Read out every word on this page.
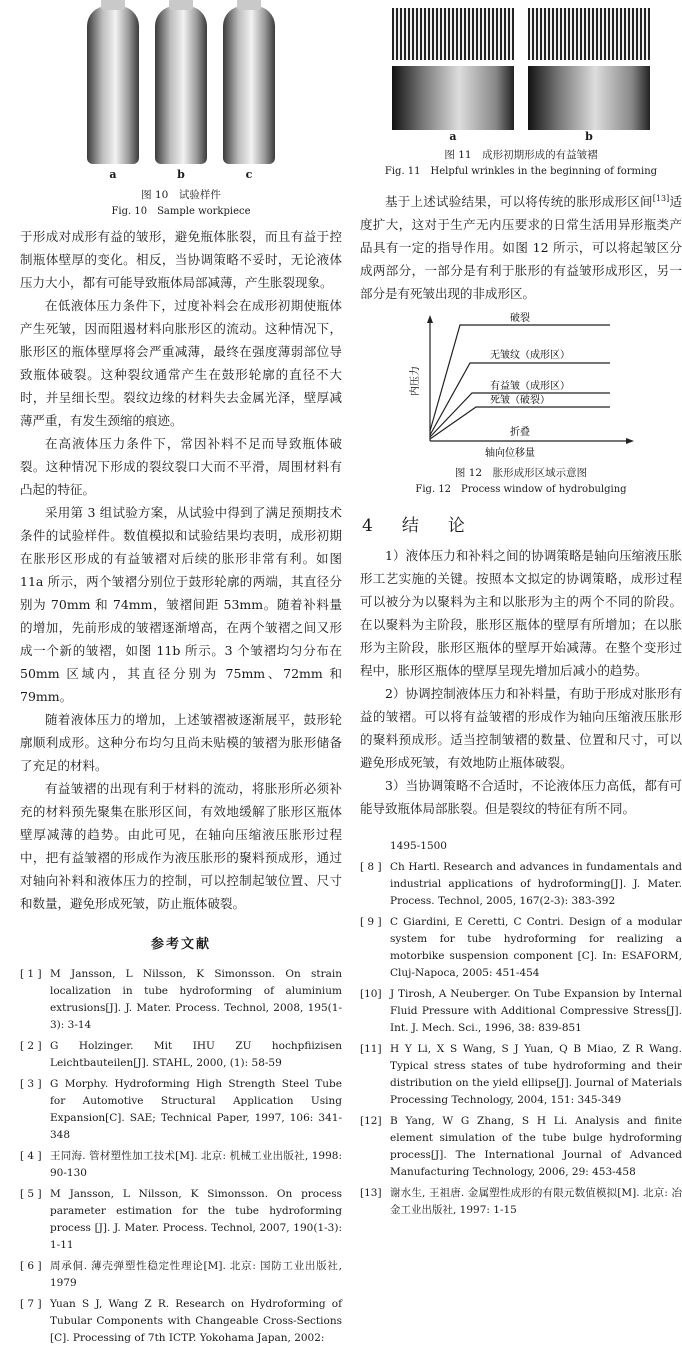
a	b	c
图 10　试验样件
Fig. 10　Sample workpiece

于形成对成形有益的皱形，避免瓶体胀裂，而且有益于控制瓶体壁厚的变化。相反，当协调策略不妥时，无论液体压力大小，都有可能导致瓶体局部减薄，产生胀裂现象。

在低液体压力条件下，过度补料会在成形初期使瓶体产生死皱，因而阻遏材料向胀形区的流动。这种情况下，胀形区的瓶体壁厚将会严重减薄，最终在强度薄弱部位导致瓶体破裂。这种裂纹通常产生在鼓形轮廓的直径不大时，并呈细长型。裂纹边缘的材料失去金属光泽，壁厚减薄严重，有发生颈缩的痕迹。

在高液体压力条件下，常因补料不足而导致瓶体破裂。这种情况下形成的裂纹裂口大而不平滑，周围材料有凸起的特征。

采用第 3 组试验方案，从试验中得到了满足预期技术条件的试验样件。数值模拟和试验结果均表明，成形初期在胀形区形成的有益皱褶对后续的胀形非常有利。如图 11a 所示，两个皱褶分别位于鼓形轮廓的两端，其直径分别为 70mm 和 74mm，皱褶间距 53mm。随着补料量的增加，先前形成的皱褶逐渐增高，在两个皱褶之间又形成一个新的皱褶，如图 11b 所示。3 个皱褶均匀分布在 50mm 区域内，其直径分别为 75mm、72mm 和 79mm。

随着液体压力的增加，上述皱褶被逐渐展平，鼓形轮廓顺利成形。这种分布均匀且尚未贴模的皱褶为胀形储备了充足的材料。

有益皱褶的出现有利于材料的流动，将胀形所必须补充的材料预先聚集在胀形区间，有效地缓解了胀形区瓶体壁厚减薄的趋势。由此可见，在轴向压缩液压胀形过程中，把有益皱褶的形成作为液压胀形的聚料预成形，通过对轴向补料和液体压力的控制，可以控制起皱位置、尺寸和数量，避免形成死皱，防止瓶体破裂。

参考文献
[ 1 ] M Jansson, L Nilsson, K Simonsson. On strain localization in tube hydroforming of aluminium extrusions[J]. J. Mater. Process. Technol, 2008, 195(1-3): 3-14
[ 2 ] G Holzinger. Mit IHU ZU hochpfiizisen Leichtbauteilen[J]. STAHL, 2000, (1): 58-59
[ 3 ] G Morphy. Hydroforming High Strength Steel Tube for Automotive Structural Application Using Expansion[C]. SAE; Technical Paper, 1997, 106: 341-348
[ 4 ] 王同海. 管材塑性加工技术[M]. 北京: 机械工业出版社, 1998: 90-130
[ 5 ] M Jansson, L Nilsson, K Simonsson. On process parameter estimation for the tube hydroforming process [J]. J. Mater. Process. Technol, 2007, 190(1-3): 1-11
[ 6 ] 周承侗. 薄壳弹塑性稳定性理论[M]. 北京: 国防工业出版社, 1979
[ 7 ] Yuan S J, Wang Z R. Research on Hydroforming of Tubular Components with Changeable Cross-Sections [C]. Processing of 7th ICTP. Yokohama Japan, 2002:
a	b
图 11　成形初期形成的有益皱褶
Fig. 11　Helpful wrinkles in the beginning of forming

基于上述试验结果，可以将传统的胀形成形区间[13]适度扩大，这对于生产无内压要求的日常生活用异形瓶类产品具有一定的指导作用。如图 12 所示，可以将起皱区分成两部分，一部分是有利于胀形的有益皱形成形区，另一部分是有死皱出现的非成形区。

破裂
无皱纹（成形区）
有益皱（成形区）
死皱（破裂）
折叠
内压力
轴向位移量
图 12　胀形成形区域示意图
Fig. 12　Process window of hydrobulging
4　结　论

1）液体压力和补料之间的协调策略是轴向压缩液压胀形工艺实施的关键。按照本文拟定的协调策略，成形过程可以被分为以聚料为主和以胀形为主的两个不同的阶段。在以聚料为主阶段，胀形区瓶体的壁厚有所增加；在以胀形为主阶段，胀形区瓶体的壁厚开始减薄。在整个变形过程中，胀形区瓶体的壁厚呈现先增加后减小的趋势。

2）协调控制液体压力和补料量，有助于形成对胀形有益的皱褶。可以将有益皱褶的形成作为轴向压缩液压胀形的聚料预成形。适当控制皱褶的数量、位置和尺寸，可以避免形成死皱，有效地防止瓶体破裂。

3）当协调策略不合适时，不论液体压力高低，都有可能导致瓶体局部胀裂。但是裂纹的特征有所不同。

1495-1500
[ 8 ] Ch Hartl. Research and advances in fundamentals and industrial applications of hydroforming[J]. J. Mater. Process. Technol, 2005, 167(2-3): 383-392
[ 9 ] C Giardini, E Ceretti, C Contri. Design of a modular system for tube hydroforming for realizing a motorbike suspension component [C]. In: ESAFORM, Cluj-Napoca, 2005: 451-454
[10] J Tirosh, A Neuberger. On Tube Expansion by Internal Fluid Pressure with Additional Compressive Stress[J]. Int. J. Mech. Sci., 1996, 38: 839-851
[11] H Y Li, X S Wang, S J Yuan, Q B Miao, Z R Wang. Typical stress states of tube hydroforming and their distribution on the yield ellipse[J]. Journal of Materials Processing Technology, 2004, 151: 345-349
[12] B Yang, W G Zhang, S H Li. Analysis and finite element simulation of the tube bulge hydroforming process[J]. The International Journal of Advanced Manufacturing Technology, 2006, 29: 453-458
[13] 谢水生, 王祖唐. 金属塑性成形的有限元数值模拟[M]. 北京: 冶金工业出版社, 1997: 1-15
